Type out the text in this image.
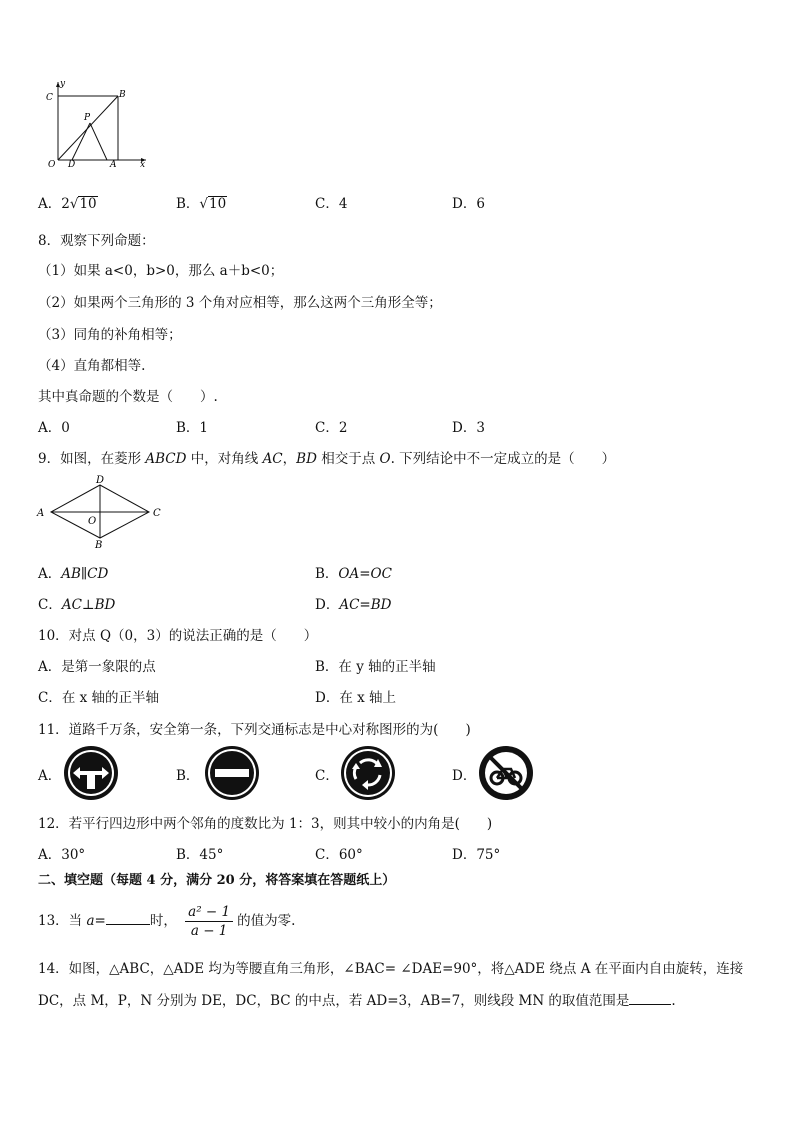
y
C	B
P
O D	A	x
A．2√10	B．√10	C．4	D．6
8．观察下列命题：
（1）如果 a<0，b>0，那么 a＋b<0；
（2）如果两个三角形的 3 个角对应相等，那么这两个三角形全等；
（3）同角的补角相等；
（4）直角都相等.
其中真命题的个数是（　　）.
A．0	B．1	C．2	D．3
9．如图，在菱形 ABCD 中，对角线 AC，BD 相交于点 O. 下列结论中不一定成立的是（　　）
D
A
O
C
B
A．AB∥CD	B．OA=OC
C．AC⊥BD	D．AC=BD
10．对点 Q（0，3）的说法正确的是（　　）
A．是第一象限的点	B．在 y 轴的正半轴
C．在 x 轴的正半轴	D．在 x 轴上
11．道路千万条，安全第一条，下列交通标志是中心对称图形的为(　　)
A．	B．	C．	D．
12．若平行四边形中两个邻角的度数比为 1：3，则其中较小的内角是(　　)
A．30°	B．45°	C．60°	D．75°
二、填空题（每题 4 分，满分 20 分，将答案填在答题纸上）
13．当 a=	时， $\frac{\text{a² − 1}}{a - 1}$ 的值为零.
14．如图，△ABC，△ADE 均为等腰直角三角形，∠BAC= ∠DAE=90°，将△ADE 绕点 A 在平面内自由旋转，连接
DC，点 M，P，N 分别为 DE，DC，BC 的中点，若 AD=3，AB=7，则线段 MN 的取值范围是	.
